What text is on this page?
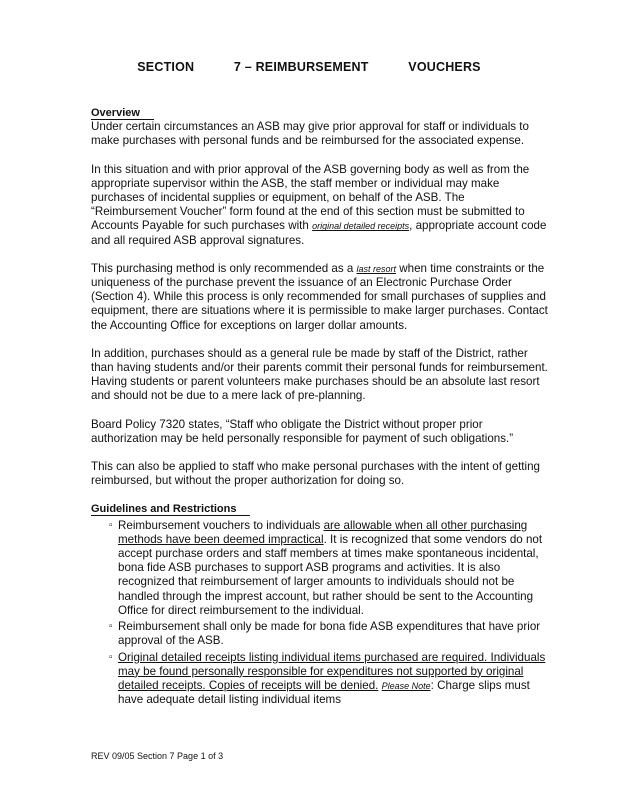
SECTION	7 – REIMBURSEMENT	VOUCHERS
Overview

Under certain circumstances an ASB may give prior approval for staff or individuals to make purchases with personal funds and be reimbursed for the associated expense.

In this situation and with prior approval of the ASB governing body as well as from the appropriate supervisor within the ASB, the staff member or individual may make purchases of incidental supplies or equipment, on behalf of the ASB. The “Reimbursement Voucher” form found at the end of this section must be submitted to Accounts Payable for such purchases with original detailed receipts, appropriate account code and all required ASB approval signatures.

This purchasing method is only recommended as a last resort when time constraints or the uniqueness of the purchase prevent the issuance of an Electronic Purchase Order (Section 4). While this process is only recommended for small purchases of supplies and equipment, there are situations where it is permissible to make larger purchases. Contact the Accounting Office for exceptions on larger dollar amounts.

In addition, purchases should as a general rule be made by staff of the District, rather than having students and/or their parents commit their personal funds for reimbursement. Having students or parent volunteers make purchases should be an absolute last resort and should not be due to a mere lack of pre-planning.

Board Policy 7320 states, “Staff who obligate the District without proper prior authorization may be held personally responsible for payment of such obligations.”

This can also be applied to staff who make personal purchases with the intent of getting reimbursed, but without the proper authorization for doing so.

Guidelines and Restrictions
▫ Reimbursement vouchers to individuals are allowable when all other purchasing methods have been deemed impractical. It is recognized that some vendors do not accept purchase orders and staff members at times make spontaneous incidental, bona fide ASB purchases to support ASB programs and activities. It is also recognized that reimbursement of larger amounts to individuals should not be handled through the imprest account, but rather should be sent to the Accounting Office for direct reimbursement to the individual.
▫ Reimbursement shall only be made for bona fide ASB expenditures that have prior approval of the ASB.
▫ Original detailed receipts listing individual items purchased are required. Individuals may be found personally responsible for expenditures not supported by original detailed receipts. Copies of receipts will be denied. Please Note: Charge slips must have adequate detail listing individual items
REV 09/05 Section 7 Page 1 of 3
